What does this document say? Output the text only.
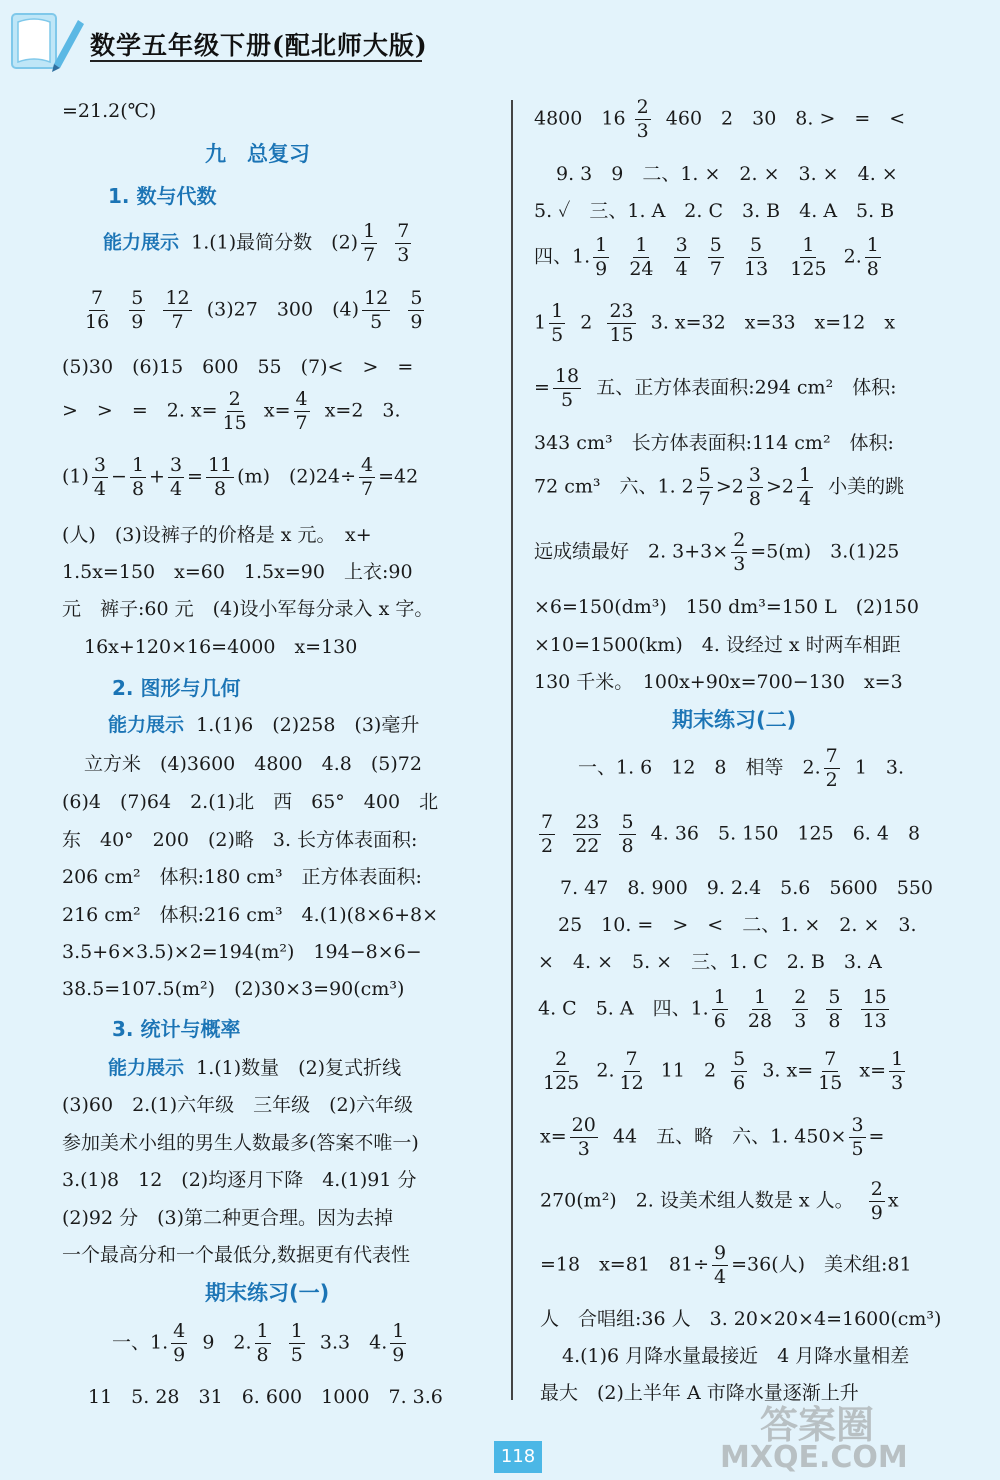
数学五年级下册(配北师大版)
=21.2(℃)
九　总复习
1. 数与代数
能力展示 1.(1)最简分数　$(2) \frac{1}{7}$
$\frac{7}{3}$
$\frac{7}{16}$
$\frac{5}{9}$
$\frac{12}{7} (3)27$　300　$(4) \frac{12}{5}$
$\frac{5}{9}$
(5)30　(6)15　600　55　(7)<　>　=
>　>　=　2. $x= \frac{2}{15} x= \frac{4}{7} x=2$　3.
$(1) \frac{3}{4} - \frac{1}{8} + \frac{3}{4} = \frac{11}{8} (m)$　$(2)24\div \frac{4}{7} =42$
(人)　(3)设裤子的价格是 x 元。　x+
1.5x=150　x=60　1.5x=90　上衣:90
元　裤子:60 元　(4)设小军每分录入 x 字。
16x+120×16=4000　x=130
2. 图形与几何
能力展示 1.(1)6　(2)258　(3)毫升
立方米　(4)3600　4800　4.8　(5)72
(6)4　(7)64　2.(1)北　西　65°　400　北
东　40°　200　(2)略　3. 长方体表面积:
206 cm²　体积:180 cm³　正方体表面积:
216 cm²　体积:216 cm³　4.(1)(8×6+8×
3.5+6×3.5)×2=194(m²)　194−8×6−
38.5=107.5(m²)　(2)30×3=90(cm³)
3. 统计与概率
能力展示 1.(1)数量　(2)复式折线
(3)60　2.(1)六年级　三年级　(2)六年级
参加美术小组的男生人数最多(答案不唯一)
3.(1)8　12　(2)均逐月下降　4.(1)91 分
(2)92 分　(3)第二种更合理。因为去掉
一个最高分和一个最低分,数据更有代表性
期末练习(一)
一、1. $\frac{4}{9} 9$　2. $\frac{1}{8}$
$\frac{1}{5} 3.3$　4. $\frac{1}{9}$
11　5. 28　31　6. 600　1000　7. 3.6
4800　$16 \frac{2}{3} 460$　2　30　8. >　=　<
9. 3　9　二、1. ×　2. ×　3. ×　4. ×
5. ✓　三、1. A　2. C　3. B　4. A　5. B
四、1. $\frac{1}{9}$
$\frac{1}{24}$
$\frac{3}{4}$
$\frac{5}{7}$
$\frac{5}{13}$
$\frac{1}{125} 2$. $\frac{1}{8}$
$1 \frac{1}{5} 2 \frac{23}{15} 3$. x=32　x=33　x=12　x
= $\frac{18}{5}$ 五、正方体表面积:294 cm²　体积:
343 cm³　长方体表面积:114 cm²　体积:
72 cm³　六、1. $2 \frac{5}{7} >2 \frac{3}{8} >2 \frac{1}{4}$ 小美的跳
远成绩最好　2. $3+3\times \frac{2}{3} =5(m)$　3.(1)25
×6=150(dm³)　150 dm³=150 L　(2)150
×10=1500(km)　4. 设经过 x 时两车相距
130 千米。　100x+90x=700−130　x=3
期末练习(二)
一、1. 6　12　8　相等　2. $\frac{7}{2} 1$　3.
$\frac{7}{2}$
$\frac{23}{22}$
$\frac{5}{8} 4$. 36　5. 150　125　6. 4　8
7. 47　8. 900　9. 2.4　5.6　5600　550
25　10. =　>　<　二、1. ×　2. ×　3.
×　4. ×　5. ×　三、1. C　2. B　3. A
4. C　5. A　四、1. $\frac{1}{6}$
$\frac{1}{28}$
$\frac{2}{3}$
$\frac{5}{8}$
$\frac{15}{13}$
$\frac{2}{125} 2$. $\frac{7}{12} 11$　$2 \frac{5}{6} 3$. $x= \frac{7}{15} x= \frac{1}{3}$
$x= \frac{20}{3} 44$　五、略　六、1. $450\times \frac{3}{5}$ =
270(m²)　2. 设美术组人数是 x 人。 $\frac{2}{9}$ x
=18　x=81　$81\div \frac{9}{4} =36$(人)　美术组:81
人　合唱组:36 人　3. 20×20×4=1600(cm³)
4.(1)6 月降水量最接近　4 月降水量相差
最大　(2)上半年 A 市降水量逐渐上升
118
答案圈
MXQE.COM
